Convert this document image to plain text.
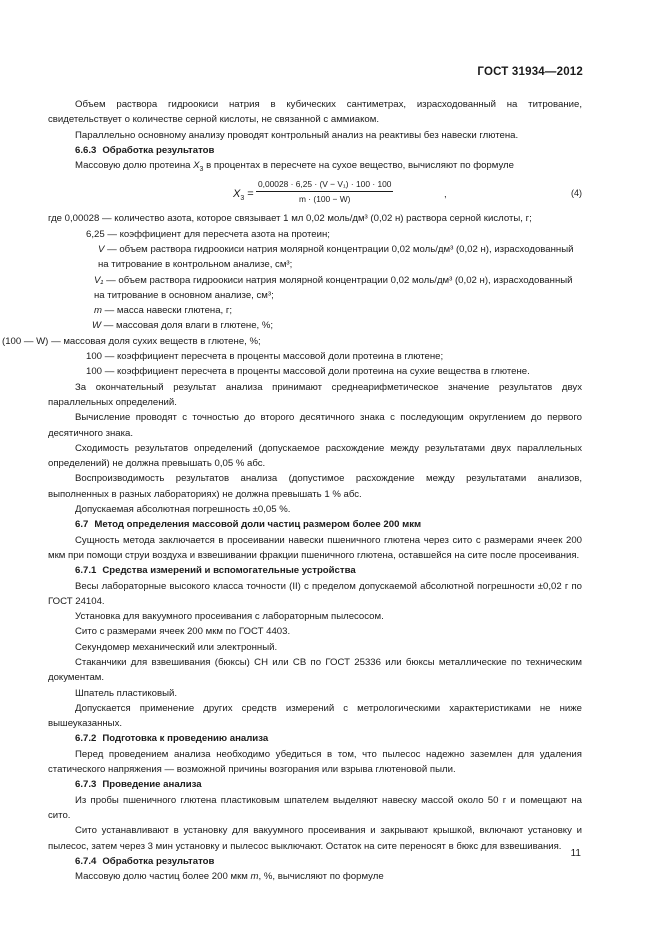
ГОСТ 31934—2012

Объем раствора гидроокиси натрия в кубических сантиметрах, израсходованный на титрование, свидетельствует о количестве серной кислоты, не связанной с аммиаком.

Параллельно основному анализу проводят контрольный анализ на реактивы без навески глютена.

6.6.3 Обработка результатов

Массовую долю протеина $X_3$ в процентах в пересчете на сухое вещество, вычисляют по формуле

$X_3 = \frac{\text{0,00028 · 6,25 · (V − V₁) · 100 · 100}}{m \cdot (100 - W)}$	,	(4)

где 0,00028 — количество азота, которое связывает 1 мл 0,02 моль/дм³ (0,02 н) раствора серной кислоты, г;

6,25 — коэффициент для пересчета азота на протеин;

V — объем раствора гидроокиси натрия молярной концентрации 0,02 моль/дм³ (0,02 н), израсходованный на титрование в контрольном анализе, см³;

V₁ — объем раствора гидроокиси натрия молярной концентрации 0,02 моль/дм³ (0,02 н), израсходованный на титрование в основном анализе, см³;

m — масса навески глютена, г;

W — массовая доля влаги в глютене, %;

(100 — W) — массовая доля сухих веществ в глютене, %;

100 — коэффициент пересчета в проценты массовой доли протеина в глютене;

100 — коэффициент пересчета в проценты массовой доли протеина на сухие вещества в глютене.

За окончательный результат анализа принимают среднеарифметическое значение результатов двух параллельных определений.

Вычисление проводят с точностью до второго десятичного знака с последующим округлением до первого десятичного знака.

Сходимость результатов определений (допускаемое расхождение между результатами двух параллельных определений) не должна превышать 0,05 % абс.

Воспроизводимость результатов анализа (допустимое расхождение между результатами анализов, выполненных в разных лабораториях) не должна превышать 1 % абс.

Допускаемая абсолютная погрешность ±0,05 %.

6.7 Метод определения массовой доли частиц размером более 200 мкм

Сущность метода заключается в просеивании навески пшеничного глютена через сито с размерами ячеек 200 мкм при помощи струи воздуха и взвешивании фракции пшеничного глютена, оставшейся на сите после просеивания.

6.7.1 Средства измерений и вспомогательные устройства

Весы лабораторные высокого класса точности (II) с пределом допускаемой абсолютной погрешности ±0,02 г по ГОСТ 24104.

Установка для вакуумного просеивания с лабораторным пылесосом.

Сито с размерами ячеек 200 мкм по ГОСТ 4403.

Секундомер механический или электронный.

Стаканчики для взвешивания (бюксы) СН или СВ по ГОСТ 25336 или бюксы металлические по техническим документам.

Шпатель пластиковый.

Допускается применение других средств измерений с метрологическими характеристиками не ниже вышеуказанных.

6.7.2 Подготовка к проведению анализа

Перед проведением анализа необходимо убедиться в том, что пылесос надежно заземлен для удаления статического напряжения — возможной причины возгорания или взрыва глютеновой пыли.

6.7.3 Проведение анализа

Из пробы пшеничного глютена пластиковым шпателем выделяют навеску массой около 50 г и помещают на сито.

Сито устанавливают в установку для вакуумного просеивания и закрывают крышкой, включают установку и пылесос, затем через 3 мин установку и пылесос выключают. Остаток на сите переносят в бюкс для взвешивания.

6.7.4 Обработка результатов

Массовую долю частиц более 200 мкм m, %, вычисляют по формуле

11
